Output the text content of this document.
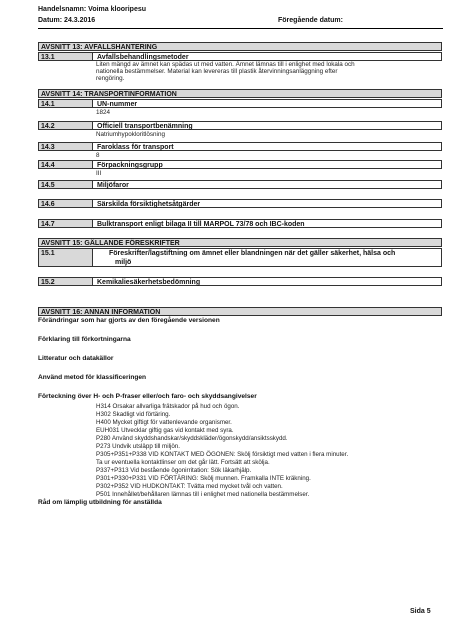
Handelsnamn: Voima klooripesu
Datum: 24.3.2016	Föregående datum:
AVSNITT 13: AVFALLSHANTERING
13.1	Avfallsbehandlingsmetoder
Liten mängd av ämnet kan spädas ut med vatten. Ämnet lämnas till i enlighet med lokala och
nationella bestämmelser. Material kan levereras till plastik återvinningsanläggning efter
rengöring.
AVSNITT 14: TRANSPORTINFORMATION
14.1	UN-nummer
1824
14.2	Officiell transportbenämning
Natriumhypokloritlösning
14.3	Faroklass för transport
8
14.4	Förpackningsgrupp
III
14.5	Miljöfaror
14.6	Särskilda försiktighetsåtgärder
14.7	Bulktransport enligt bilaga II till MARPOL 73/78 och IBC-koden
AVSNITT 15: GÄLLANDE FÖRESKRIFTER
15.1	Föreskrifter/lagstiftning om ämnet eller blandningen när det gäller säkerhet, hälsa och
miljö
15.2	Kemikaliesäkerhetsbedömning
AVSNITT 16: ANNAN INFORMATION
Förändringar som har gjorts av den föregående versionen
Förklaring till förkortningarna
Litteratur och datakällor
Använd metod för klassificeringen
Förteckning över H- och P-fraser eller/och faro- och skyddsangivelser
H314 Orsakar allvarliga frätskador på hud och ögon.
H302 Skadligt vid förtäring.
H400 Mycket giftigt för vattenlevande organismer.
EUH031 Utvecklar giftig gas vid kontakt med syra.
P280 Använd skyddshandskar/skyddskläder/ögonskydd/ansiktsskydd.
P273 Undvik utsläpp till miljön.
P305+P351+P338 VID KONTAKT MED ÖGONEN: Skölj försiktigt med vatten i flera minuter.
Ta ur eventuella kontaktlinser om det går lätt. Fortsätt att skölja.
P337+P313 Vid bestående ögonirritation: Sök läkarhjälp.
P301+P330+P331 VID FÖRTÄRING: Skölj munnen. Framkalla INTE kräkning.
P302+P352 VID HUDKONTAKT: Tvätta med mycket tvål och vatten.
P501 Innehållet/behållaren lämnas till i enlighet med nationella bestämmelser.
Råd om lämplig utbildning för anställda
Sida 5
